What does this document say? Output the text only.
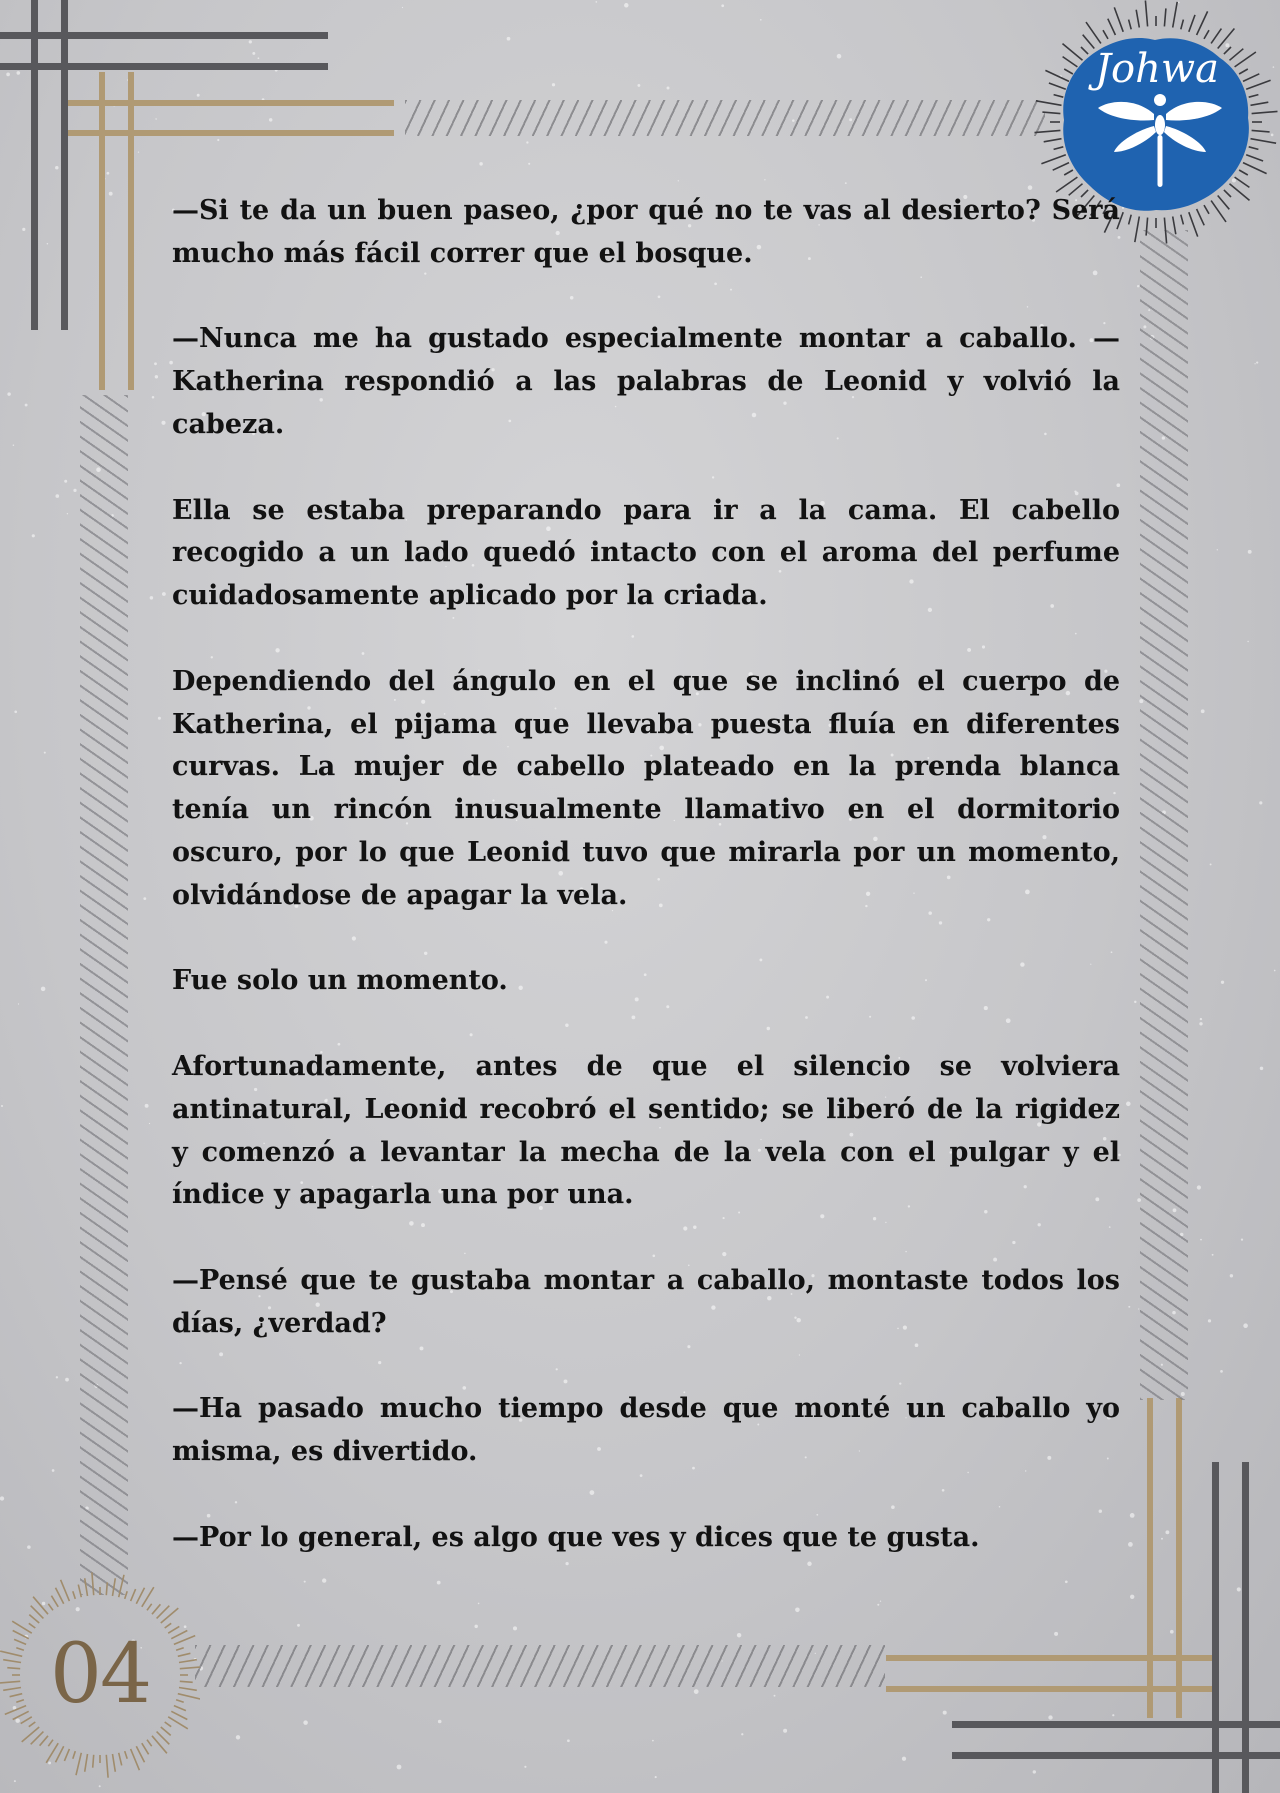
Johwa

—Si te da un buen paseo, ¿por qué no te vas al desierto? Será mucho más fácil correr que el bosque.

—Nunca me ha gustado especialmente montar a caballo. —Katherina respondió a las palabras de Leonid y volvió la cabeza.

Ella se estaba preparando para ir a la cama. El cabello recogido a un lado quedó intacto con el aroma del perfume cuidadosamente aplicado por la criada.

Dependiendo del ángulo en el que se inclinó el cuerpo de Katherina, el pijama que llevaba puesta fluía en diferentes curvas. La mujer de cabello plateado en la prenda blanca tenía un rincón inusualmente llamativo en el dormitorio oscuro, por lo que Leonid tuvo que mirarla por un momento, olvidándose de apagar la vela.

Fue solo un momento.

Afortunadamente, antes de que el silencio se volviera antinatural, Leonid recobró el sentido; se liberó de la rigidez y comenzó a levantar la mecha de la vela con el pulgar y el índice y apagarla una por una.

—Pensé que te gustaba montar a caballo, montaste todos los días, ¿verdad?

—Ha pasado mucho tiempo desde que monté un caballo yo misma, es divertido.

—Por lo general, es algo que ves y dices que te gusta.

04
